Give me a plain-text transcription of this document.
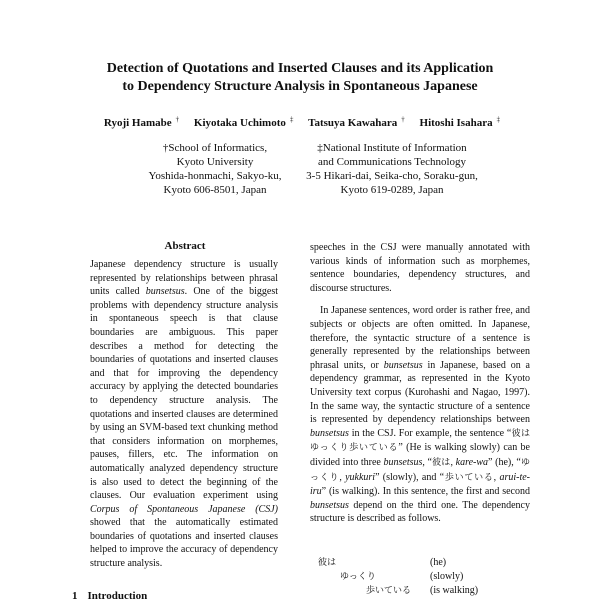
Detection of Quotations and Inserted Clauses and its Application
to Dependency Structure Analysis in Spontaneous Japanese
Ryoji Hamabe † Kiyotaka Uchimoto ‡ Tatsuya Kawahara † Hitoshi Isahara ‡
†School of Informatics,
Kyoto University
Yoshida-honmachi, Sakyo-ku,
Kyoto 606-8501, Japan
‡National Institute of Information
and Communications Technology
3-5 Hikari-dai, Seika-cho, Soraku-gun,
Kyoto 619-0289, Japan
Abstract
Japanese dependency structure is usually represented by relationships between phrasal units called bunsetsus. One of the biggest problems with dependency structure analysis in spontaneous speech is that clause boundaries are ambiguous. This paper describes a method for detecting the boundaries of quotations and inserted clauses and that for improving the dependency accuracy by applying the detected boundaries to dependency structure analysis. The quotations and inserted clauses are determined by using an SVM-based text chunking method that considers information on morphemes, pauses, fillers, etc. The information on automatically analyzed dependency structure is also used to detect the beginning of the clauses. Our evaluation experiment using Corpus of Spontaneous Japanese (CSJ) showed that the automatically estimated boundaries of quotations and inserted clauses helped to improve the accuracy of dependency structure analysis.

speeches in the CSJ were manually annotated with various kinds of information such as morphemes, sentence boundaries, dependency structures, and discourse structures.

In Japanese sentences, word order is rather free, and subjects or objects are often omitted. In Japanese, therefore, the syntactic structure of a sentence is generally represented by the relationships between phrasal units, or bunsetsus in Japanese, based on a dependency grammar, as represented in the Kyoto University text corpus (Kurohashi and Nagao, 1997). In the same way, the syntactic structure of a sentence is represented by dependency relationships between bunsetsus in the CSJ. For example, the sentence “彼はゆっくり歩いている” (He is walking slowly) can be divided into three bunsetsus, “彼は, kare-wa” (he), “ゆっくり, yukkuri” (slowly), and “歩いている, arui-te-iru” (is walking). In this sentence, the first and second bunsetsus depend on the third one. The dependency structure is described as follows.

彼は	(he)
ゆっくり	(slowly)
歩いている (is walking)
1 Introduction
